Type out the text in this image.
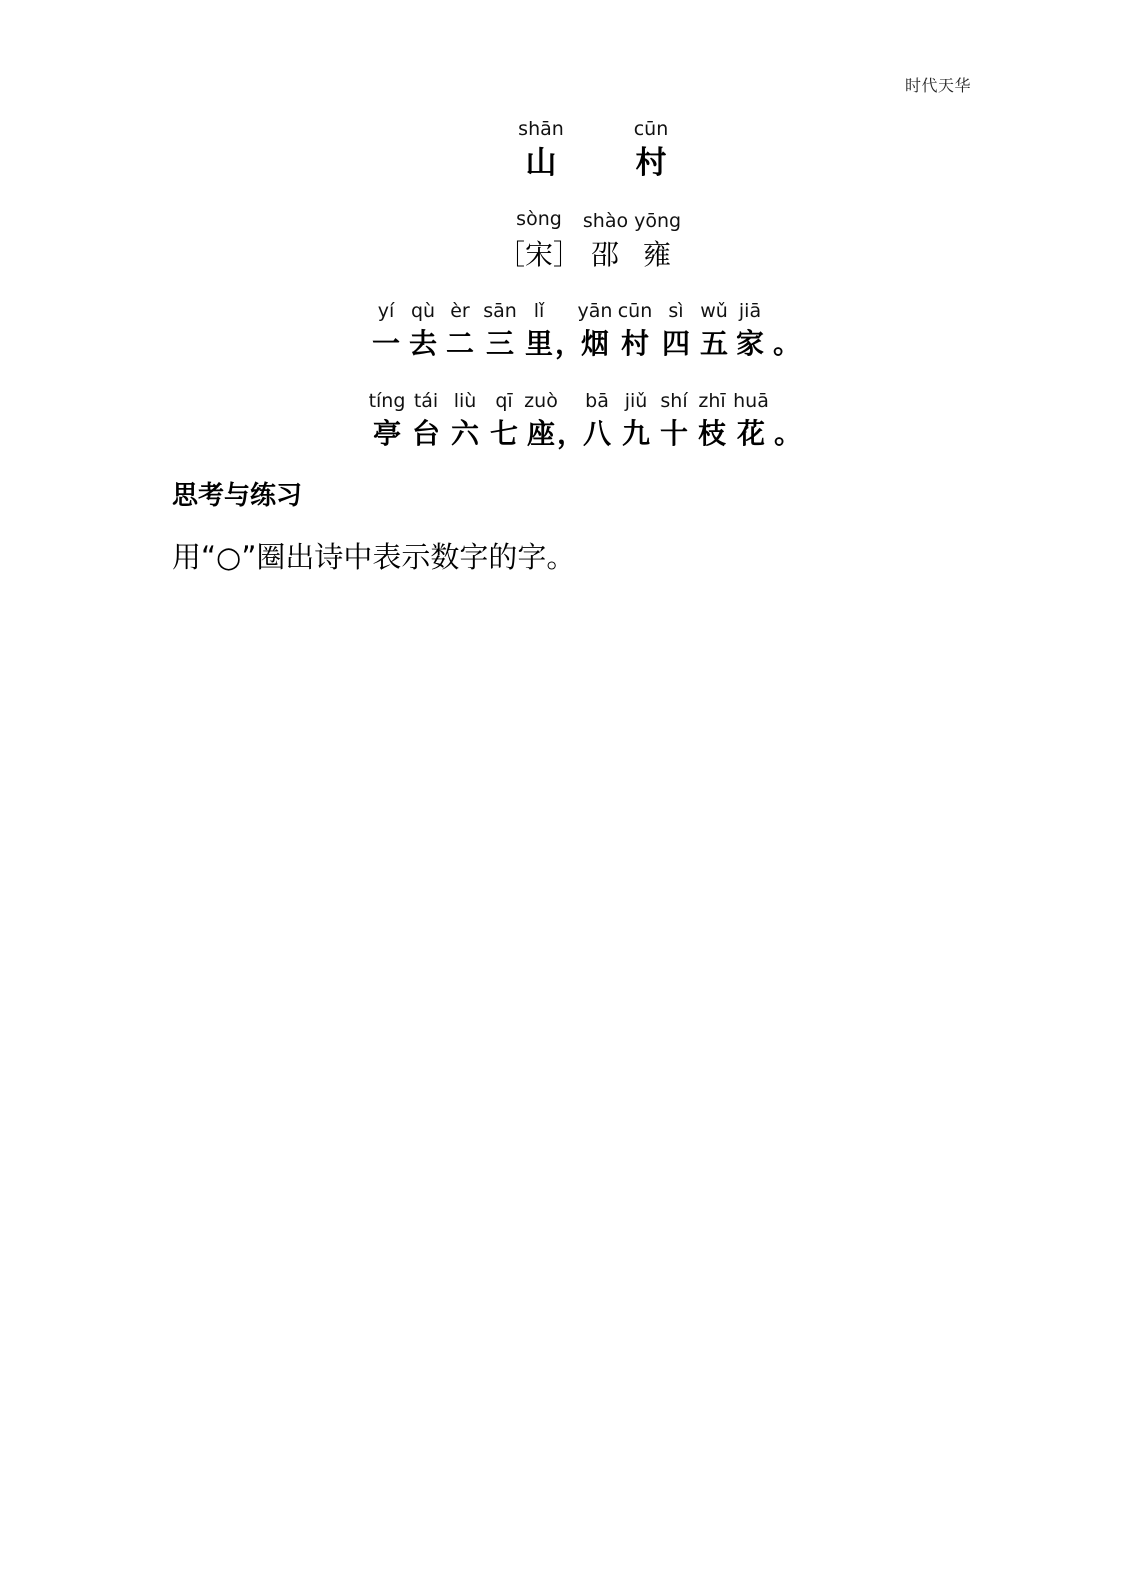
时代天华
shān	cūn
山	村
sòng shào yōng
［宋］ 邵 雍
yí qù èr sān lǐ yān cūn sì wǔ jiā
一 去 二 三 里 ，
烟 村 四 五 家 。
tíng tái liù qī zuò bā jiǔ shí zhī huā
亭 台 六 七 座 ，
八 九 十 枝 花 。
思考与练习
用“○”圈出诗中表示数字的字。
